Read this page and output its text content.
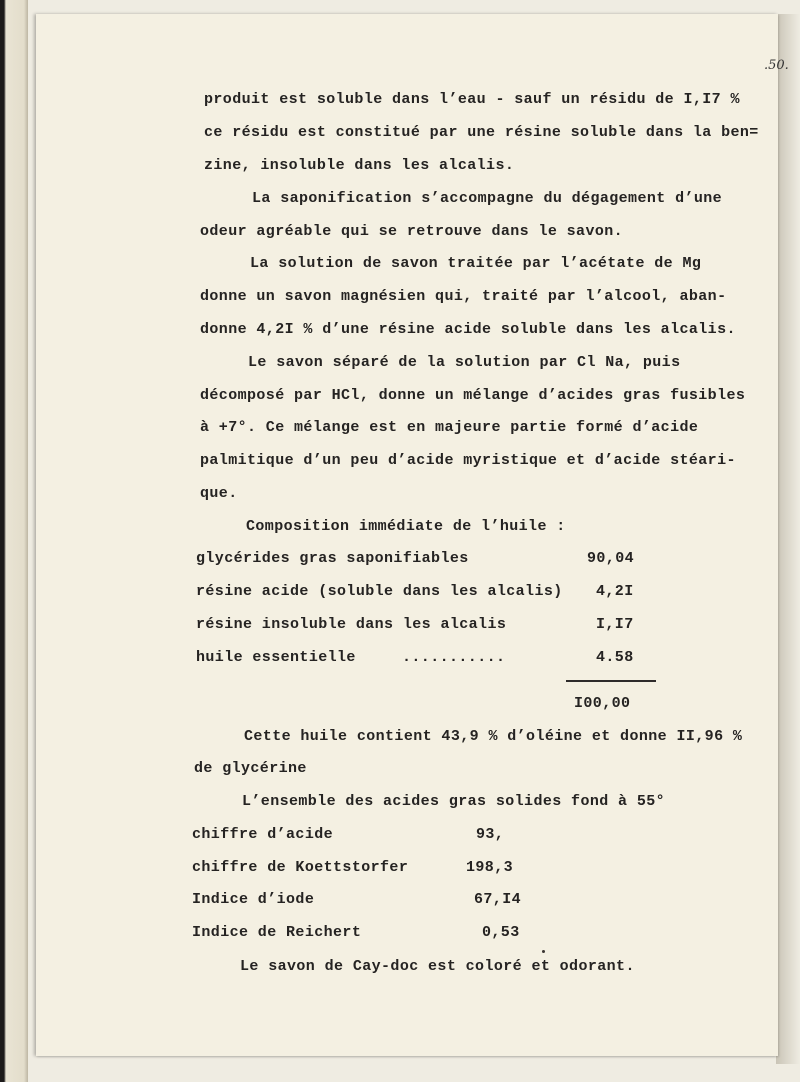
.50.
produit est soluble dans l’eau - sauf un résidu de I,I7 %
ce résidu est constitué par une résine soluble dans la ben=
zine, insoluble dans les alcalis.
La saponification s’accompagne du dégagement d’une
odeur agréable qui se retrouve dans le savon.
La solution de savon traitée par l’acétate de Mg
donne un savon magnésien qui, traité par l’alcool, aban-
donne 4,2I % d’une résine acide soluble dans les alcalis.
Le savon séparé de la solution par Cl Na, puis
décomposé par HCl, donne un mélange d’acides gras fusibles
à +7°. Ce mélange est en majeure partie formé d’acide
palmitique d’un peu d’acide myristique et d’acide stéari-
que.
Composition immédiate de l’huile :
glycérides gras saponifiables	90,04
résine acide (soluble dans les alcalis) 4,2I
résine insoluble dans les alcalis	I,I7
huile essentielle	...........	4.58
I00,00
Cette huile contient 43,9 % d’oléine et donne II,96 %
de glycérine
L’ensemble des acides gras solides fond à 55°
chiffre d’acide	93,
chiffre de Koettstorfer	198,3
Indice d’iode	67,I4
Indice de Reichert	0,53
Le savon de Cay-doc est coloré et odorant.
